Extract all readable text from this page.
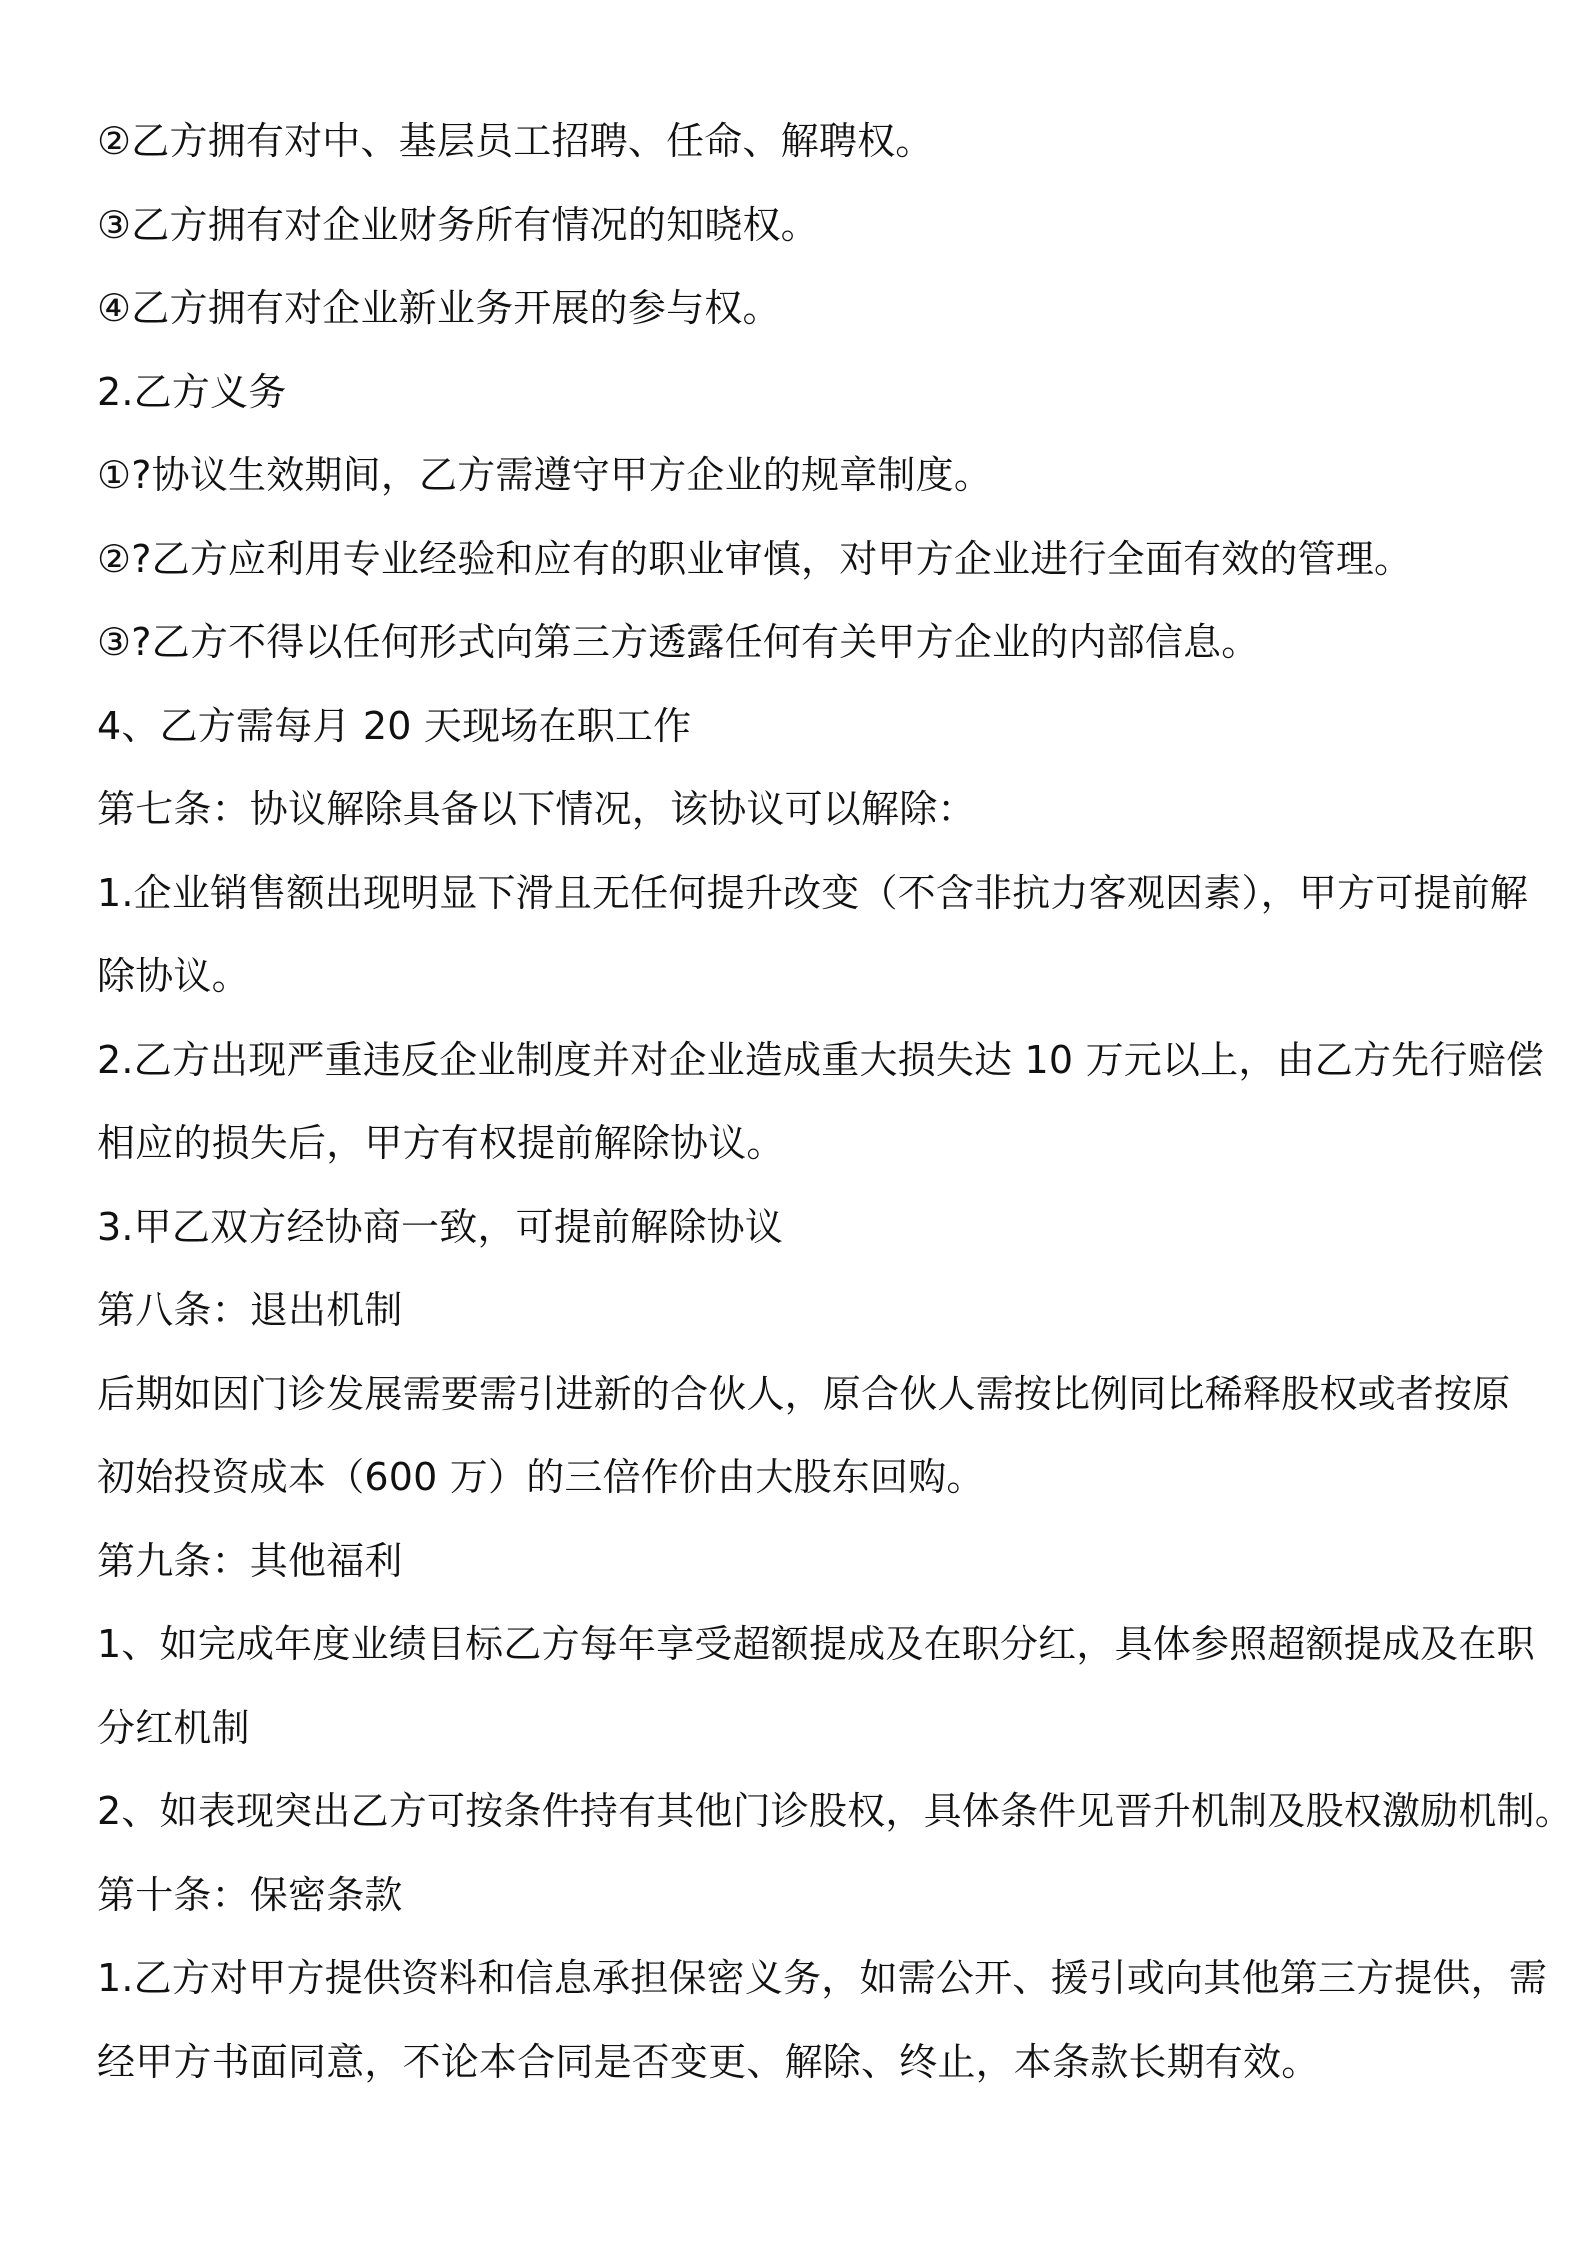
②乙方拥有对中、基层员工招聘、任命、解聘权。
③乙方拥有对企业财务所有情况的知晓权。
④乙方拥有对企业新业务开展的参与权。
2.乙方义务
①?协议生效期间，乙方需遵守甲方企业的规章制度。
②?乙方应利用专业经验和应有的职业审慎，对甲方企业进行全面有效的管理。
③?乙方不得以任何形式向第三方透露任何有关甲方企业的内部信息。
4、乙方需每月 20 天现场在职工作
第七条：协议解除具备以下情况，该协议可以解除：
1.企业销售额出现明显下滑且无任何提升改变（不含非抗力客观因素），甲方可提前解
除协议。
2.乙方出现严重违反企业制度并对企业造成重大损失达 10 万元以上，由乙方先行赔偿
相应的损失后，甲方有权提前解除协议。
3.甲乙双方经协商一致，可提前解除协议
第八条：退出机制
后期如因门诊发展需要需引进新的合伙人，原合伙人需按比例同比稀释股权或者按原
初始投资成本（600 万）的三倍作价由大股东回购。
第九条：其他福利
1、如完成年度业绩目标乙方每年享受超额提成及在职分红，具体参照超额提成及在职
分红机制
2、如表现突出乙方可按条件持有其他门诊股权，具体条件见晋升机制及股权激励机制。
第十条：保密条款
1.乙方对甲方提供资料和信息承担保密义务，如需公开、援引或向其他第三方提供，需
经甲方书面同意，不论本合同是否变更、解除、终止，本条款长期有效。
